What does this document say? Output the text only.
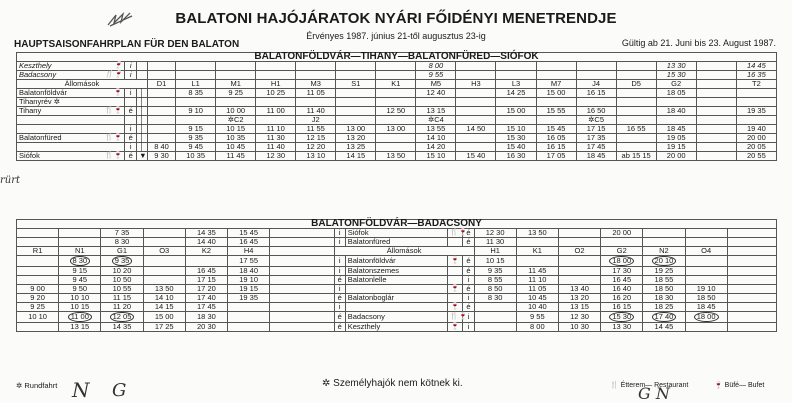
BALATONI HAJÓJÁRATOK NYÁRI FŐIDÉNYI MENETRENDJE
Érvényes 1987. június 21-től augusztus 23-ig
HAUPTSAISONFAHRPLAN FÜR DEN BALATON	Gültig ab 21. Juni bis 23. August 1987.
rürt
N G	G N
BALATONFÖLDVÁR—TIHANY—BALATONFÜRED—SIÓFOK																		
Keszthely 🍷	i									8 00						13 30		14 45
Badacsony 🍴🍷	i									9 55						15 30		16 35
Állomások			D1	L1	M1	H1	M3	S1	K1	M5	H3	L3	M7	J4	D5	G2		T2
Balatonföldvár 🍷	i	│		8 35	9 25	10 25	11 05			12 40		14 25	15 00	16 15		18 05		
Tihanyrév ✲		│																
Tihany 🍴🍷	é	│		9 10	10 00	11 00	11 40		12 50	13 15		15 00	15 55	16 50		18 40		19 35

		│			✲C2		J2			✲C4				✲C5				

	i	│		9 15	10 15	11 10	11 55	13 00	13 00	13 55	14 50	15 10	15 45	17 15	16 55	18 45		19 40
Balatonfüred 🍴🍷	é	│		9 35	10 35	11 30	12 15	13 20		14 10		15 30	16 05	17 35		19 05		20 00

	i	│	8 40	9 45	10 45	11 40	12 20	13 25		14 20		15 40	16 15	17 45		19 15		20 05
Siófok 🍴🍷	é	▼	9 30	10 35	11 45	12 30	13 10	14 15	13 50	15 10	15 40	16 30	17 05	18 45	ab 15 15	20 00		20 55
BALATONFÖLDVÁR—BADACSONY																	
		7 35		14 35	15 45		i	Siófok	🍴🍷	é	12 30	13 50		20 00			
		8 30		14 40	16 45		i	Balatonfüred		é	11 30						
R1	N1	G1	O3	K2	H4		Állomások				H1	K1	O2	G2	N2	O4	
	8 30	9 35			17 55		i	Balatonföldvár	🍷	é	10 15			18 00	20 10		
	9 15	10 20		16 45	18 40		i	Balatonszemes		é	9 35	11 45		17 30	19 25		
	9 45	10 50		17 15	19 10		é	Balatonlelle		i	8 55	11 10		16 45	18 55		
9 00	9 50	10 55	13 50	17 20	19 15		i		🍷	é	8 50	11 05	13 40	16 40	18 50	19 10	
9 20	10 10	11 15	14 10	17 40	19 35		é	Balatonboglár		i	8 30	10 45	13 20	16 20	18 30	18 50	
9 25	10 15	11 20	14 15	17 45			i		🍷	é		10 40	13 15	16 15	18 25	18 45	
10 10	11 00	12 05	15 00	18 30			é	Badacsony	🍴🍷	i		9 55	12 30	15 30	17 40	18 00	
	13 15	14 35	17 25	20 30			é	Keszthely	🍷	i		8 00	10 30	13 30	14 45		
✲ Rundfahrt	✲ Személyhajók nem kötnek ki.	🍴 Étterem— Restaurant	🍷 Büfé— Bufet
